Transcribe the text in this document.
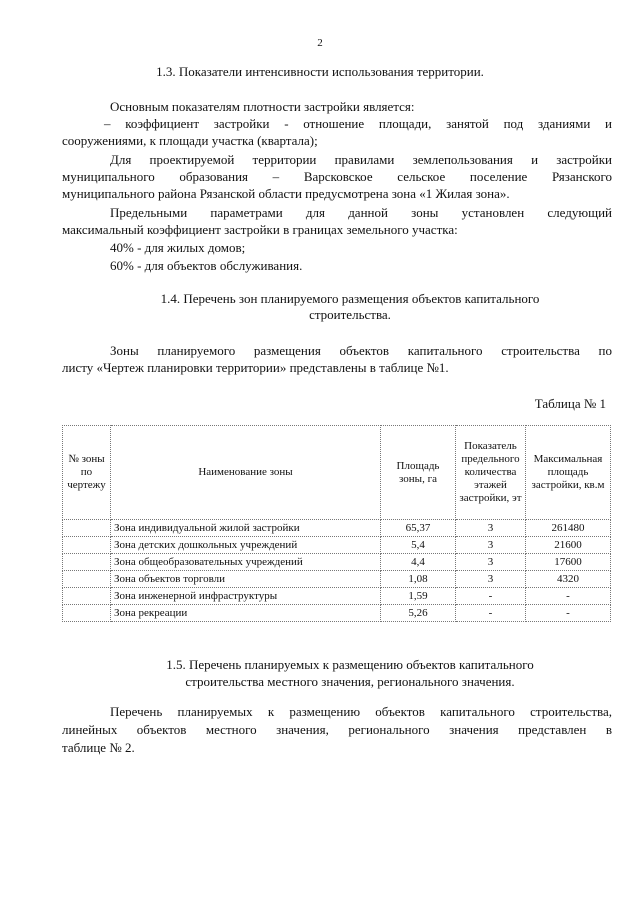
2
1.3. Показатели интенсивности использования территории.
Основным показателям плотности застройки является:
– коэффициент застройки - отношение площади, занятой под зданиями и
сооружениями, к площади участка (квартала);
Для проектируемой территории правилами землепользования и застройки
муниципального образования – Варсковское сельское поселение Рязанского
муниципального района Рязанской области предусмотрена зона «1 Жилая зона».
Предельными параметрами для данной зоны установлен следующий
максимальный коэффициент застройки в границах земельного участка:
40% - для жилых домов;
60% - для объектов обслуживания.
1.4. Перечень зон планируемого размещения объектов капитального
строительства.
Зоны планируемого размещения объектов капитального строительства по
листу «Чертеж планировки территории» представлены в таблице №1.
Таблица № 1
№ зоны по чертежу	Наименование зоны	Площадь зоны, га	Показатель предельного количества этажей застройки, эт	Максимальная площадь застройки, кв.м
	Зона индивидуальной жилой застройки	65,37	3	261480
	Зона детских дошкольных учреждений	5,4	3	21600
	Зона общеобразовательных учреждений	4,4	3	17600
	Зона объектов торговли	1,08	3	4320
	Зона инженерной инфраструктуры	1,59	-	-
	Зона рекреации	5,26	-	-
1.5. Перечень планируемых к размещению объектов капитального
строительства местного значения, регионального значения.
Перечень планируемых к размещению объектов капитального строительства,
линейных объектов местного значения, регионального значения представлен в
таблице № 2.
